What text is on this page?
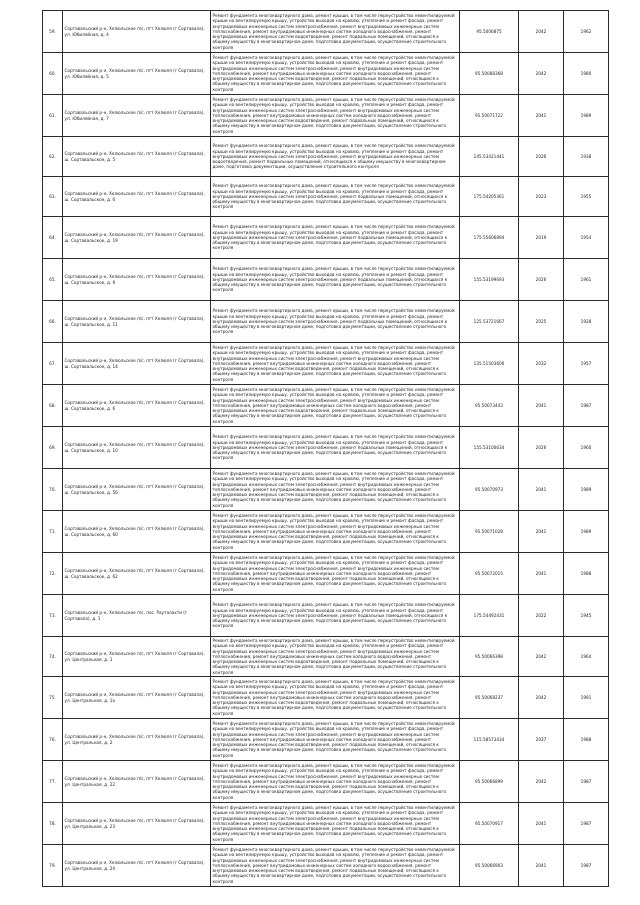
59.	Сортавальский р-н, Хелюльское п/c, пгт Хелюля (г Сортавала), ул. Юбилейная, д. 4	Ремонт фундамента многоквартирного дома, ремонт крыши, в том числе переустройство невентилируемой крыши на вентилируемую крышу, устройство выходов на кровлю, утепление и ремонт фасада, ремонт внутридомовых инженерных систем электроснабжения, ремонт внутридомовых инженерных систем теплоснабжения, ремонт внутридомовых инженерных систем холодного водоснабжения, ремонт внутридомовых инженерных систем водоотведения, ремонт подвальных помещений, относящихся к общему имуществу в многоквартирном доме, подготовка документации, осуществление строительного контроля	95.5006875	2042	1962
60.	Сортавальский р-н, Хелюльское п/c, пгт Хелюля (г Сортавала), ул. Юбилейная, д. 5	Ремонт фундамента многоквартирного дома, ремонт крыши, в том числе переустройство невентилируемой крыши на вентилируемую крышу, устройство выходов на кровлю, утепление и ремонт фасада, ремонт внутридомовых инженерных систем электроснабжения, ремонт внутридомовых инженерных систем теплоснабжения, ремонт внутридомовых инженерных систем холодного водоснабжения, ремонт внутридомовых инженерных систем водоотведения, ремонт подвальных помещений, относящихся к общему имуществу в многоквартирном доме, подготовка документации, осуществление строительного контроля	95.50088368	2042	1980
61.	Сортавальский р-н, Хелюльское п/c, пгт Хелюля (г Сортавала), ул. Юбилейная, д. 7	Ремонт фундамента многоквартирного дома, ремонт крыши, в том числе переустройство невентилируемой крыши на вентилируемую крышу, устройство выходов на кровлю, утепление и ремонт фасада, ремонт внутридомовых инженерных систем электроснабжения, ремонт внутридомовых инженерных систем теплоснабжения, ремонт внутридомовых инженерных систем холодного водоснабжения, ремонт внутридомовых инженерных систем водоотведения, ремонт подвальных помещений, относящихся к общему имуществу в многоквартирном доме, подготовка документации, осуществление строительного контроля	95.50071722	2041	1989
62.	Сортавальский р-н, Хелюльское п/c, пгт Хелюля (г Сортавала), ш. Сортавальское, д. 5	Ремонт фундамента многоквартирного дома, ремонт крыши, в том числе переустройство невентилируемой крыши на вентилируемую крышу, устройство выходов на кровлю, утепление и ремонт фасада, ремонт внутридомовых инженерных систем электроснабжения, ремонт внутридомовых инженерных систем водоотведения, ремонт подвальных помещений, относящихся к общему имуществу в многоквартирном доме, подготовка документации, осуществление строительного контроля	145.53421441	2026	1938
63.	Сортавальский р-н, Хелюльское п/c, пгт Хелюля (г Сортавала), ш. Сортавальское, д. 6	Ремонт фундамента многоквартирного дома, ремонт крыши, в том числе переустройство невентилируемой крыши на вентилируемую крышу, устройство выходов на кровлю, утепление и ремонт фасада, ремонт внутридомовых инженерных систем электроснабжения, ремонт подвальных помещений, относящихся к общему имуществу в многоквартирном доме, подготовка документации, осуществление строительного контроля	175.54205361	2023	1955
64.	Сортавальский р-н, Хелюльское п/c, пгт Хелюля (г Сортавала), ш. Сортавальское, д. 19	Ремонт фундамента многоквартирного дома, ремонт крыши, в том числе переустройство невентилируемой крыши на вентилируемую крышу, устройство выходов на кровлю, утепление и ремонт фасада, ремонт внутридомовых инженерных систем электроснабжения, ремонт подвальных помещений, относящихся к общему имуществу в многоквартирном доме, подготовка документации, осуществление строительного контроля	175.55606894	2019	1954
65.	Сортавальский р-н, Хелюльское п/c, пгт Хелюля (г Сортавала), ш. Сортавальское, д. 9	Ремонт фундамента многоквартирного дома, ремонт крыши, в том числе переустройство невентилируемой крыши на вентилируемую крышу, устройство выходов на кровлю, утепление и ремонт фасада, ремонт внутридомовых инженерных систем электроснабжения, ремонт подвальных помещений, относящихся к общему имуществу в многоквартирном доме, подготовка документации, осуществление строительного контроля	155.53199693	2026	1961
66.	Сортавальский р-н, Хелюльское п/c, пгт Хелюля (г Сортавала), ш. Сортавальское, д. 11	Ремонт фундамента многоквартирного дома, ремонт крыши, в том числе переустройство невентилируемой крыши на вентилируемую крышу, устройство выходов на кровлю, утепление и ремонт фасада, ремонт внутридомовых инженерных систем электроснабжения, ремонт подвальных помещений, относящихся к общему имуществу в многоквартирном доме, подготовка документации, осуществление строительного контроля	125.53721667	2025	1928
67.	Сортавальский р-н, Хелюльское п/c, пгт Хелюля (г Сортавала), ш. Сортавальское, д. 14	Ремонт фундамента многоквартирного дома, ремонт крыши, в том числе переустройство невентилируемой крыши на вентилируемую крышу, устройство выходов на кровлю, утепление и ремонт фасада, ремонт внутридомовых инженерных систем электроснабжения, ремонт внутридомовых инженерных систем теплоснабжения, ремонт внутридомовых инженерных систем холодного водоснабжения, ремонт внутридомовых инженерных систем водоотведения, ремонт подвальных помещений, относящихся к общему имуществу в многоквартирном доме, подготовка документации, осуществление строительного контроля	135.51503606	2032	1957
68.	Сортавальский р-н, Хелюльское п/c, пгт Хелюля (г Сортавала), ш. Сортавальское, д. 6	Ремонт фундамента многоквартирного дома, ремонт крыши, в том числе переустройство невентилируемой крыши на вентилируемую крышу, устройство выходов на кровлю, утепление и ремонт фасада, ремонт внутридомовых инженерных систем электроснабжения, ремонт внутридомовых инженерных систем теплоснабжения, ремонт внутридомовых инженерных систем холодного водоснабжения, ремонт внутридомовых инженерных систем водоотведения, ремонт подвальных помещений, относящихся к общему имуществу в многоквартирном доме, подготовка документации, осуществление строительного контроля	95.50073443	2041	1987
69.	Сортавальский р-н, Хелюльское п/c, пгт Хелюля (г Сортавала), ш. Сортавальское, д. 10	Ремонт фундамента многоквартирного дома, ремонт крыши, в том числе переустройство невентилируемой крыши на вентилируемую крышу, устройство выходов на кровлю, утепление и ремонт фасада, ремонт внутридомовых инженерных систем электроснабжения, ремонт подвальных помещений, относящихся к общему имуществу в многоквартирном доме, подготовка документации, осуществление строительного контроля	155.53100634	2026	1960
70.	Сортавальский р-н, Хелюльское п/c, пгт Хелюля (г Сортавала), ш. Сортавальское, д. 56	Ремонт фундамента многоквартирного дома, ремонт крыши, в том числе переустройство невентилируемой крыши на вентилируемую крышу, устройство выходов на кровлю, утепление и ремонт фасада, ремонт внутридомовых инженерных систем электроснабжения, ремонт внутридомовых инженерных систем теплоснабжения, ремонт внутридомовых инженерных систем холодного водоснабжения, ремонт внутридомовых инженерных систем водоотведения, ремонт подвальных помещений, относящихся к общему имуществу в многоквартирном доме, подготовка документации, осуществление строительного контроля	95.50070973	2041	1989
71.	Сортавальский р-н, Хелюльское п/c, пгт Хелюля (г Сортавала), ш. Сортавальское, д. 60	Ремонт фундамента многоквартирного дома, ремонт крыши, в том числе переустройство невентилируемой крыши на вентилируемую крышу, устройство выходов на кровлю, утепление и ремонт фасада, ремонт внутридомовых инженерных систем электроснабжения, ремонт внутридомовых инженерных систем теплоснабжения, ремонт внутридомовых инженерных систем холодного водоснабжения, ремонт внутридомовых инженерных систем водоотведения, ремонт подвальных помещений, относящихся к общему имуществу в многоквартирном доме, подготовка документации, осуществление строительного контроля	95.50071028	2041	1989
72.	Сортавальский р-н, Хелюльское п/c, пгт Хелюля (г Сортавала), ш. Сортавальское, д. 62	Ремонт фундамента многоквартирного дома, ремонт крыши, в том числе переустройство невентилируемой крыши на вентилируемую крышу, устройство выходов на кровлю, утепление и ремонт фасада, ремонт внутридомовых инженерных систем электроснабжения, ремонт внутридомовых инженерных систем теплоснабжения, ремонт внутридомовых инженерных систем холодного водоснабжения, ремонт внутридомовых инженерных систем водоотведения, ремонт подвальных помещений, относящихся к общему имуществу в многоквартирном доме, подготовка документации, осуществление строительного контроля	95.50072015	2041	1988
73.	Сортавальский р-н, Хелюльское п/c, пос. Рауталахти (г Сортавала), д. 1	Ремонт фундамента многоквартирного дома, ремонт крыши, в том числе переустройство невентилируемой крыши на вентилируемую крышу, устройство выходов на кровлю, утепление и ремонт фасада, ремонт внутридомовых инженерных систем электроснабжения, ремонт подвальных помещений, относящихся к общему имуществу в многоквартирном доме, подготовка документации, осуществление строительного контроля	175.54492431	2022	1945
74.	Сортавальский р-н, Хелюльское п/c, пгт Хелюля (г Сортавала), ул. Центральная, д. 1	Ремонт фундамента многоквартирного дома, ремонт крыши, в том числе переустройство невентилируемой крыши на вентилируемую крышу, устройство выходов на кровлю, утепление и ремонт фасада, ремонт внутридомовых инженерных систем электроснабжения, ремонт внутридомовых инженерных систем теплоснабжения, ремонт внутридомовых инженерных систем холодного водоснабжения, ремонт внутридомовых инженерных систем водоотведения, ремонт подвальных помещений, относящихся к общему имуществу в многоквартирном доме, подготовка документации, осуществление строительного контроля	95.50066398	2042	1964
75.	Сортавальский р-н, Хелюльское п/c, пгт Хелюля (г Сортавала), ул. Центральная, д. 1а	Ремонт фундамента многоквартирного дома, ремонт крыши, в том числе переустройство невентилируемой крыши на вентилируемую крышу, устройство выходов на кровлю, утепление и ремонт фасада, ремонт внутридомовых инженерных систем электроснабжения, ремонт внутридомовых инженерных систем теплоснабжения, ремонт внутридомовых инженерных систем холодного водоснабжения, ремонт внутридомовых инженерных систем водоотведения, ремонт подвальных помещений, относящихся к общему имуществу в многоквартирном доме, подготовка документации, осуществление строительного контроля	95.50068237	2042	1991
76.	Сортавальский р-н, Хелюльское п/c, пгт Хелюля (г Сортавала), ул. Центральная, д. 2	Ремонт фундамента многоквартирного дома, ремонт крыши, в том числе переустройство невентилируемой крыши на вентилируемую крышу, устройство выходов на кровлю, утепление и ремонт фасада, ремонт внутридомовых инженерных систем электроснабжения, ремонт внутридомовых инженерных систем теплоснабжения, ремонт внутридомовых инженерных систем холодного водоснабжения, ремонт внутридомовых инженерных систем водоотведения, ремонт подвальных помещений, относящихся к общему имуществу в многоквартирном доме, подготовка документации, осуществление строительного контроля	115.58573434	2037	1988
77.	Сортавальский р-н, Хелюльское п/c, пгт Хелюля (г Сортавала), ул. Центральная, д. 22	Ремонт фундамента многоквартирного дома, ремонт крыши, в том числе переустройство невентилируемой крыши на вентилируемую крышу, устройство выходов на кровлю, утепление и ремонт фасада, ремонт внутридомовых инженерных систем электроснабжения, ремонт внутридомовых инженерных систем теплоснабжения, ремонт внутридомовых инженерных систем холодного водоснабжения, ремонт внутридомовых инженерных систем водоотведения, ремонт подвальных помещений, относящихся к общему имуществу в многоквартирном доме, подготовка документации, осуществление строительного контроля	95.50066899	2042	1987
78.	Сортавальский р-н, Хелюльское п/c, пгт Хелюля (г Сортавала), ул. Центральная, д. 23	Ремонт фундамента многоквартирного дома, ремонт крыши, в том числе переустройство невентилируемой крыши на вентилируемую крышу, устройство выходов на кровлю, утепление и ремонт фасада, ремонт внутридомовых инженерных систем электроснабжения, ремонт внутридомовых инженерных систем теплоснабжения, ремонт внутридомовых инженерных систем холодного водоснабжения, ремонт внутридомовых инженерных систем водоотведения, ремонт подвальных помещений, относящихся к общему имуществу в многоквартирном доме, подготовка документации, осуществление строительного контроля	95.50070917	2041	1987
79.	Сортавальский р-н, Хелюльское п/c, пгт Хелюля (г Сортавала), ул. Центральная, д. 24	Ремонт фундамента многоквартирного дома, ремонт крыши, в том числе переустройство невентилируемой крыши на вентилируемую крышу, устройство выходов на кровлю, утепление и ремонт фасада, ремонт внутридомовых инженерных систем электроснабжения, ремонт внутридомовых инженерных систем теплоснабжения, ремонт внутридомовых инженерных систем холодного водоснабжения, ремонт внутридомовых инженерных систем водоотведения, ремонт подвальных помещений, относящихся к общему имуществу в многоквартирном доме, подготовка документации, осуществление строительного контроля	95.50066903	2041	1987
